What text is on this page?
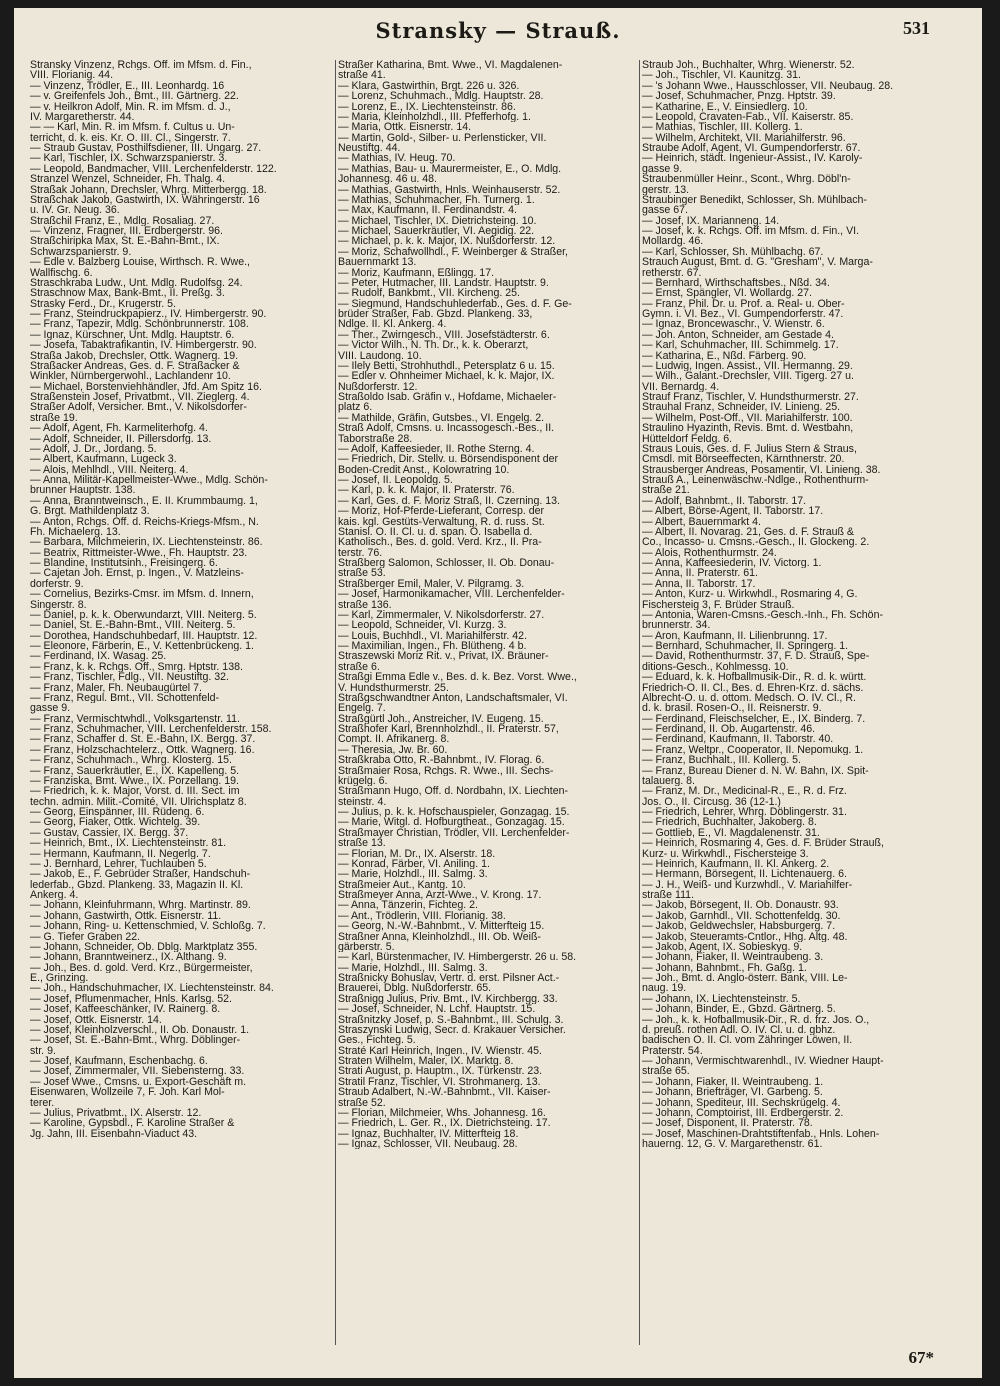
Stransky — Strauß.	531
Stransky Vinzenz, Rchgs. Off. im Mfsm. d. Fin.,
VIII. Florianig. 44.
— Vinzenz, Trödler, E., III. Leonhardg. 16
— v. Greifenfels Joh., Bmt., III. Gärtnerg. 22.
— v. Heilkron Adolf, Min. R. im Mfsm. d. J.,
IV. Margaretherstr. 44.
— — Karl, Min. R. im Mfsm. f. Cultus u. Un-
terricht, d. k. eis. Kr. O. III. Cl., Singerstr. 7.
— Straub Gustav, Posthilfsdiener, III. Ungarg. 27.
— Karl, Tischler, IX. Schwarzspanierstr. 3.
— Leopold, Bandmacher, VIII. Lerchenfelderstr. 122.
Stranzel Wenzel, Schneider, Fh. Thalg. 4.
Straßak Johann, Drechsler, Whrg. Mitterbergg. 18.
Straßchak Jakob, Gastwirth, IX. Währingerstr. 16
u. IV. Gr. Neug. 36.
Straßchil Franz, E., Mdlg. Rosaliag. 27.
— Vinzenz, Fragner, III. Erdbergerstr. 96.
Straßchiripka Max, St. E.-Bahn-Bmt., IX.
Schwarzspanierstr. 9.
— Edle v. Balzberg Louise, Wirthsch. R. Wwe.,
Wallfischg. 6.
Straschkraba Ludw., Unt. Mdlg. Rudolfsg. 24.
Straschnow Max, Bank-Bmt., II. Preßg. 3.
Strasky Ferd., Dr., Krugerstr. 5.
— Franz, Steindruckpapierz., IV. Himbergerstr. 90.
— Franz, Tapezir, Mdlg. Schönbrunnerstr. 108.
— Ignaz, Kürschner, Unt. Mdlg. Hauptstr. 6.
— Josefa, Tabaktrafikantin, IV. Himbergerstr. 90.
Straßa Jakob, Drechsler, Ottk. Wagnerg. 19.
Straßacker Andreas, Ges. d. F. Straßacker &
Winkler, Nürnbergerwohl., Lachlandenr 10.
— Michael, Borstenviehhändler, Jfd. Am Spitz 16.
Straßenstein Josef, Privatbmt., VII. Zieglerg. 4.
Straßer Adolf, Versicher. Bmt., V. Nikolsdorfer-
straße 19.
— Adolf, Agent, Fh. Karmeliterhofg. 4.
— Adolf, Schneider, II. Pillersdorfg. 13.
— Adolf, J. Dr., Jordang. 5.
— Albert, Kaufmann, Lugeck 3.
— Alois, Mehlhdl., VIII. Neiterg. 4.
— Anna, Militär-Kapellmeister-Wwe., Mdlg. Schön-
brunner Hauptstr. 138.
— Anna, Branntweinsch., E. II. Krummbaumg. 1,
G. Brgt. Mathildenplatz 3.
— Anton, Rchgs. Off. d. Reichs-Kriegs-Mfsm., N.
Fh. Michaelerg. 13.
— Barbara, Milchmeierin, IX. Liechtensteinstr. 86.
— Beatrix, Rittmeister-Wwe., Fh. Hauptstr. 23.
— Blandine, Institutsinh., Freisingerg. 6.
— Cajetan Joh. Ernst, p. Ingen., V. Matzleins-
dorferstr. 9.
— Cornelius, Bezirks-Cmsr. im Mfsm. d. Innern,
Singerstr. 8.
— Daniel, p. k. k. Oberwundarzt, VIII. Neiterg. 5.
— Daniel, St. E.-Bahn-Bmt., VIII. Neiterg. 5.
— Dorothea, Handschuhbedarf, III. Hauptstr. 12.
— Eleonore, Färberin, E., V. Kettenbrückeng. 1.
— Ferdinand, IX. Wasag. 25.
— Franz, k. k. Rchgs. Off., Smrg. Hptstr. 138.
— Franz, Tischler, Fdlg., VII. Neustiftg. 32.
— Franz, Maler, Fh. Neubaugürtel 7.
— Franz, Regul. Bmt., VII. Schottenfeld-
gasse 9.
— Franz, Vermischtwhdl., Volksgartenstr. 11.
— Franz, Schuhmacher, VIII. Lerchenfelderstr. 158.
— Franz, Schaffer d. St. E.-Bahn, IX. Bergg. 37.
— Franz, Holzschachtelerz., Ottk. Wagnerg. 16.
— Franz, Schuhmach., Whrg. Klosterg. 15.
— Franz, Sauerkräutler, E., IX. Kapelleng. 5.
— Franziska, Bmt. Wwe., IX. Porzellang. 19.
— Friedrich, k. k. Major, Vorst. d. III. Sect. im
techn. admin. Milit.-Comité, VII. Ulrichsplatz 8.
— Georg, Einspänner, III. Rüdeng. 6.
— Georg, Fiaker, Ottk. Wichtelg. 39.
— Gustav, Cassier, IX. Bergg. 37.
— Heinrich, Bmt., IX. Liechtensteinstr. 81.
— Hermann, Kaufmann, II. Negerlg. 7.
— J. Bernhard, Lehrer, Tuchlauben 5.
— Jakob, E., F. Gebrüder Straßer, Handschuh-
lederfab., Gbzd. Plankeng. 33, Magazin II. Kl.
Ankerg. 4.
— Johann, Kleinfuhrmann, Whrg. Martinstr. 89.
— Johann, Gastwirth, Ottk. Eisnerstr. 11.
— Johann, Ring- u. Kettenschmied, V. Schloßg. 7.
— G. Tiefer Graben 22.
— Johann, Schneider, Ob. Dblg. Marktplatz 355.
— Johann, Branntweinerz., IX. Althang. 9.
— Joh., Bes. d. gold. Verd. Krz., Bürgermeister,
E., Grinzing.
— Joh., Handschuhmacher, IX. Liechtensteinstr. 84.
— Josef, Pflumenmacher, Hnls. Karlsg. 52.
— Josef, Kaffeeschänker, IV. Rainerg. 8.
— Josef, Ottk. Eisnerstr. 14.
— Josef, Kleinholzverschl., II. Ob. Donaustr. 1.
— Josef, St. E.-Bahn-Bmt., Whrg. Döblinger-
str. 9.
— Josef, Kaufmann, Eschenbachg. 6.
— Josef, Zimmermaler, VII. Siebensterng. 33.
— Josef Wwe., Cmsns. u. Export-Geschäft m.
Eisenwaren, Wollzeile 7, F. Joh. Karl Mol-
terer.
— Julius, Privatbmt., IX. Alserstr. 12.
— Karoline, Gypsbdl., F. Karoline Straßer &
Jg. Jahn, III. Eisenbahn-Viaduct 43.
Straßer Katharina, Bmt. Wwe., VI. Magdalenen-
straße 41.
— Klara, Gastwirthin, Brgt. 226 u. 326.
— Lorenz, Schuhmach., Mdlg. Hauptstr. 28.
— Lorenz, E., IX. Liechtensteinstr. 86.
— Maria, Kleinholzhdl., III. Pfefferhofg. 1.
— Maria, Ottk. Eisnerstr. 14.
— Martin, Gold-, Silber- u. Perlensticker, VII.
Neustiftg. 44.
— Mathias, IV. Heug. 70.
— Mathias, Bau- u. Maurermeister, E., O. Mdlg.
Johannesg. 46 u. 48.
— Mathias, Gastwirth, Hnls. Weinhauserstr. 52.
— Mathias, Schuhmacher, Fh. Turnerg. 1.
— Max, Kaufmann, II. Ferdinandstr. 4.
— Michael, Tischler, IX. Dietrichsteing. 10.
— Michael, Sauerkräutler, VI. Aegidig. 22.
— Michael, p. k. k. Major, IX. Nußdorferstr. 12.
— Moriz, Schafwollhdl., F. Weinberger & Straßer,
Bauernmarkt 13.
— Moriz, Kaufmann, Eßlingg. 17.
— Peter, Hutmacher, III. Landstr. Hauptstr. 9.
— Rudolf, Bankbmt., VII. Kircheng. 25.
— Siegmund, Handschuhlederfab., Ges. d. F. Ge-
brüder Straßer, Fab. Gbzd. Plankeng. 33,
Ndlge. II. Kl. Ankerg. 4.
— Ther., Zwirngesch., VIII. Josefstädterstr. 6.
— Victor Wilh., N. Th. Dr., k. k. Oberarzt,
VIII. Laudong. 10.
— Ilely Betti, Strohhuthdl., Petersplatz 6 u. 15.
— Edler v. Ohnheimer Michael, k. k. Major, IX.
Nußdorferstr. 12.
Straßoldo Isab. Gräfin v., Hofdame, Michaeler-
platz 6.
— Mathilde, Gräfin, Gutsbes., VI. Engelg. 2.
Straß Adolf, Cmsns. u. Incassogesch.-Bes., II.
Taborstraße 28.
— Adolf, Kaffeesieder, II. Rothe Sterng. 4.
— Friedrich, Dir. Stellv. u. Börsendisponent der
Boden-Credit Anst., Kolowratring 10.
— Josef, II. Leopoldg. 5.
— Karl, p. k. k. Major, II. Praterstr. 76.
— Karl, Ges. d. F. Moriz Straß, II. Czerning. 13.
— Moriz, Hof-Pferde-Lieferant, Corresp. der
kais. kgl. Gestüts-Verwaltung, R. d. russ. St.
Stanisl. O. II. Cl. u. d. span. O. Isabella d.
Katholisch., Bes. d. gold. Verd. Krz., II. Pra-
terstr. 76.
Straßberg Salomon, Schlosser, II. Ob. Donau-
straße 53.
Straßberger Emil, Maler, V. Pilgramg. 3.
— Josef, Harmonikamacher, VIII. Lerchenfelder-
straße 136.
— Karl, Zimmermaler, V. Nikolsdorferstr. 27.
— Leopold, Schneider, VI. Kurzg. 3.
— Louis, Buchhdl., VI. Mariahilferstr. 42.
— Maximilian, Ingen., Fh. Blütheng. 4 b.
Straszewski Moriz Rit. v., Privat, IX. Bräuner-
straße 6.
Straßgi Emma Edle v., Bes. d. k. Bez. Vorst. Wwe.,
V. Hundsthurmerstr. 25.
Straßgschwandtner Anton, Landschaftsmaler, VI.
Engelg. 7.
Straßgürtl Joh., Anstreicher, IV. Eugeng. 15.
Straßhofer Karl, Brennholzhdl., II. Praterstr. 57,
Compt. II. Afrikanerg. 8.
— Theresia, Jw. Br. 60.
Straßkraba Otto, R.-Bahnbmt., IV. Florag. 6.
Straßmaier Rosa, Rchgs. R. Wwe., III. Sechs-
krügelg. 6.
Straßmann Hugo, Off. d. Nordbahn, IX. Liechten-
steinstr. 4.
— Julius, p. k. k. Hofschauspieler, Gonzagag. 15.
— Marie, Witgl. d. Hofburgtheat., Gonzagag. 15.
Straßmayer Christian, Trödler, VII. Lerchenfelder-
straße 13.
— Florian, M. Dr., IX. Alserstr. 18.
— Konrad, Färber, VI. Aniling. 1.
— Marie, Holzhdl., III. Salmg. 3.
Straßmeier Aut., Kantg. 10.
Straßmeyer Anna, Arzt-Wwe., V. Krong. 17.
— Anna, Tänzerin, Fichteg. 2.
— Ant., Trödlerin, VIII. Florianig. 38.
— Georg, N.-W.-Bahnbmt., V. Mitterfteig 15.
Straßner Anna, Kleinholzhdl., III. Ob. Weiß-
gärberstr. 5.
— Karl, Bürstenmacher, IV. Himbergerstr. 26 u. 58.
— Marie, Holzhdl., III. Salmg. 3.
Straßnicky Bohuslav, Vertr. d. erst. Pilsner Act.-
Brauerei, Dblg. Nußdorferstr. 65.
Straßnigg Julius, Priv. Bmt., IV. Kirchbergg. 33.
— Josef, Schneider, N. Lchf. Hauptstr. 15.
Straßnitzky Josef, p. S.-Bahnbmt., III. Schulg. 3.
Straszynski Ludwig, Secr. d. Krakauer Versicher.
Ges., Fichteg. 5.
Straté Karl Heinrich, Ingen., IV. Wienstr. 45.
Straten Wilhelm, Maler, IX. Marktg. 8.
Strati August, p. Hauptm., IX. Türkenstr. 23.
Stratil Franz, Tischler, VI. Strohmanerg. 13.
Straub Adalbert, N.-W.-Bahnbmt., VII. Kaiser-
straße 52.
— Florian, Milchmeier, Whs. Johannesg. 16.
— Friedrich, L. Ger. R., IX. Dietrichsteing. 17.
— Ignaz, Buchhalter, IV. Mitterfteig 18.
— Ignaz, Schlosser, VII. Neubaug. 28.
Straub Joh., Buchhalter, Whrg. Wienerstr. 52.
— Joh., Tischler, VI. Kaunitzg. 31.
— 's Johann Wwe., Hausschlosser, VII. Neubaug. 28.
— Josef, Schuhmacher, Pnzg. Hptstr. 39.
— Katharine, E., V. Einsiedlerg. 10.
— Leopold, Cravaten-Fab., VII. Kaiserstr. 85.
— Mathias, Tischler, III. Kollerg. 1.
— Wilhelm, Architekt, VII. Mariahilferstr. 96.
Straube Adolf, Agent, VI. Gumpendorferstr. 67.
— Heinrich, städt. Ingenieur-Assist., IV. Karoly-
gasse 9.
Straubenmüller Heinr., Scont., Whrg. Döbl'n-
gerstr. 13.
Straubinger Benedikt, Schlosser, Sh. Mühlbach-
gasse 67.
— Josef, IX. Marianneng. 14.
— Josef, k. k. Rchgs. Off. im Mfsm. d. Fin., VI.
Mollardg. 46.
— Karl, Schlosser, Sh. Mühlbachg. 67.
Strauch August, Bmt. d. G. "Gresham", V. Marga-
retherstr. 67.
— Bernhard, Wirthschaftsbes., Nßd. 34.
— Ernst, Spängler, VI. Wollardg. 27.
— Franz, Phil. Dr. u. Prof. a. Real- u. Ober-
Gymn. i. VI. Bez., VI. Gumpendorferstr. 47.
— Ignaz, Broncewaschr., V. Wienstr. 6.
— Joh. Anton, Schneider, am Gestade 4.
— Karl, Schuhmacher, III. Schimmelg. 17.
— Katharina, E., Nßd. Färberg. 90.
— Ludwig, Ingen. Assist., VII. Hermanng. 29.
— Wilh., Galant.-Drechsler, VIII. Tigerg. 27 u.
VII. Bernardg. 4.
Strauf Franz, Tischler, V. Hundsthurmerstr. 27.
Strauhal Franz, Schneider, IV. Linieng. 25.
— Wilhelm, Post-Off., VII. Mariahilferstr. 100.
Straulino Hyazinth, Revis. Bmt. d. Westbahn,
Hütteldorf Feldg. 6.
Straus Louis, Ges. d. F. Julius Stern & Straus,
Cmsdl. mit Börseeffecten, Kärnthnerstr. 20.
Strausberger Andreas, Posamentir, VI. Linieng. 38.
Strauß A., Leinenwäschw.-Ndlge., Rothenthurm-
straße 21.
— Adolf, Bahnbmt., II. Taborstr. 17.
— Albert, Börse-Agent, II. Taborstr. 17.
— Albert, Bauernmarkt 4.
— Albert, II. Novarag. 21, Ges. d. F. Strauß &
Co., Incasso- u. Cmsns.-Gesch., II. Glockeng. 2.
— Alois, Rothenthurmstr. 24.
— Anna, Kaffeesiederin, IV. Victorg. 1.
— Anna, II. Praterstr. 61.
— Anna, II. Taborstr. 17.
— Anton, Kurz- u. Wirkwhdl., Rosmaring 4, G.
Fischersteig 3, F. Brüder Strauß.
— Antonia, Waren-Cmsns.-Gesch.-Inh., Fh. Schön-
brunnerstr. 34.
— Aron, Kaufmann, II. Lilienbrunng. 17.
— Bernhard, Schuhmacher, II. Springerg. 1.
— David, Rothenthurmstr. 37, F. D. Strauß, Spe-
ditions-Gesch., Kohlmessg. 10.
— Eduard, k. k. Hofballmusik-Dir., R. d. k. württ.
Friedrich-O. II. Cl., Bes. d. Ehren-Krz. d. sächs.
Albrecht-O. u. d. ottom. Medsch. O. IV. Cl., R.
d. k. brasil. Rosen-O., II. Reisnerstr. 9.
— Ferdinand, Fleischselcher, E., IX. Binderg. 7.
— Ferdinand, II. Ob. Augartenstr. 46.
— Ferdinand, Kaufmann, II. Taborstr. 40.
— Franz, Weltpr., Cooperator, II. Nepomukg. 1.
— Franz, Buchhalt., III. Kollerg. 5.
— Franz, Bureau Diener d. N. W. Bahn, IX. Spit-
talauerg. 8.
— Franz, M. Dr., Medicinal-R., E., R. d. Frz.
Jos. O., II. Circusg. 36 (12-1.)
— Friedrich, Lehrer, Whrg. Döblingerstr. 31.
— Friedrich, Buchhalter, Jakoberg. 8.
— Gottlieb, E., VI. Magdalenenstr. 31.
— Heinrich, Rosmaring 4, Ges. d. F. Brüder Strauß,
Kurz- u. Wirkwhdl., Fischersteige 3.
— Heinrich, Kaufmann, II. Kl. Ankerg. 2.
— Hermann, Börsegent, II. Lichtenauerg. 6.
— J. H., Weiß- und Kurzwhdl., V. Mariahilfer-
straße 111.
— Jakob, Börsegent, II. Ob. Donaustr. 93.
— Jakob, Garnhdl., VII. Schottenfeldg. 30.
— Jakob, Geldwechsler, Habsburgerg. 7.
— Jakob, Steueramts-Cntlor., Hhg. Altg. 48.
— Jakob, Agent, IX. Sobieskyg. 9.
— Johann, Fiaker, II. Weintraubeng. 3.
— Johann, Bahnbmt., Fh. Gaßg. 1.
— Joh., Bmt. d. Anglo-österr. Bank, VIII. Le-
naug. 19.
— Johann, IX. Liechtensteinstr. 5.
— Johann, Binder, E., Gbzd. Gärtnerg. 5.
— Joh., k. k. Hofballmusik-Dir., R. d. frz. Jos. O.,
d. preuß. rothen Adl. O. IV. Cl. u. d. gbhz.
badischen O. II. Cl. vom Zähringer Löwen, II.
Praterstr. 54.
— Johann, Vermischtwarenhdl., IV. Wiedner Haupt-
straße 65.
— Johann, Fiaker, II. Weintraubeng. 1.
— Johann, Briefträger, VI. Garbeng. 5.
— Johann, Spediteur, III. Sechskrügelg. 4.
— Johann, Comptoirist, III. Erdbergerstr. 2.
— Josef, Disponent, II. Praterstr. 78.
— Josef, Maschinen-Drahtstiftenfab., Hnls. Lohen-
hauerng. 12, G. V. Margarethenstr. 61.
67*
